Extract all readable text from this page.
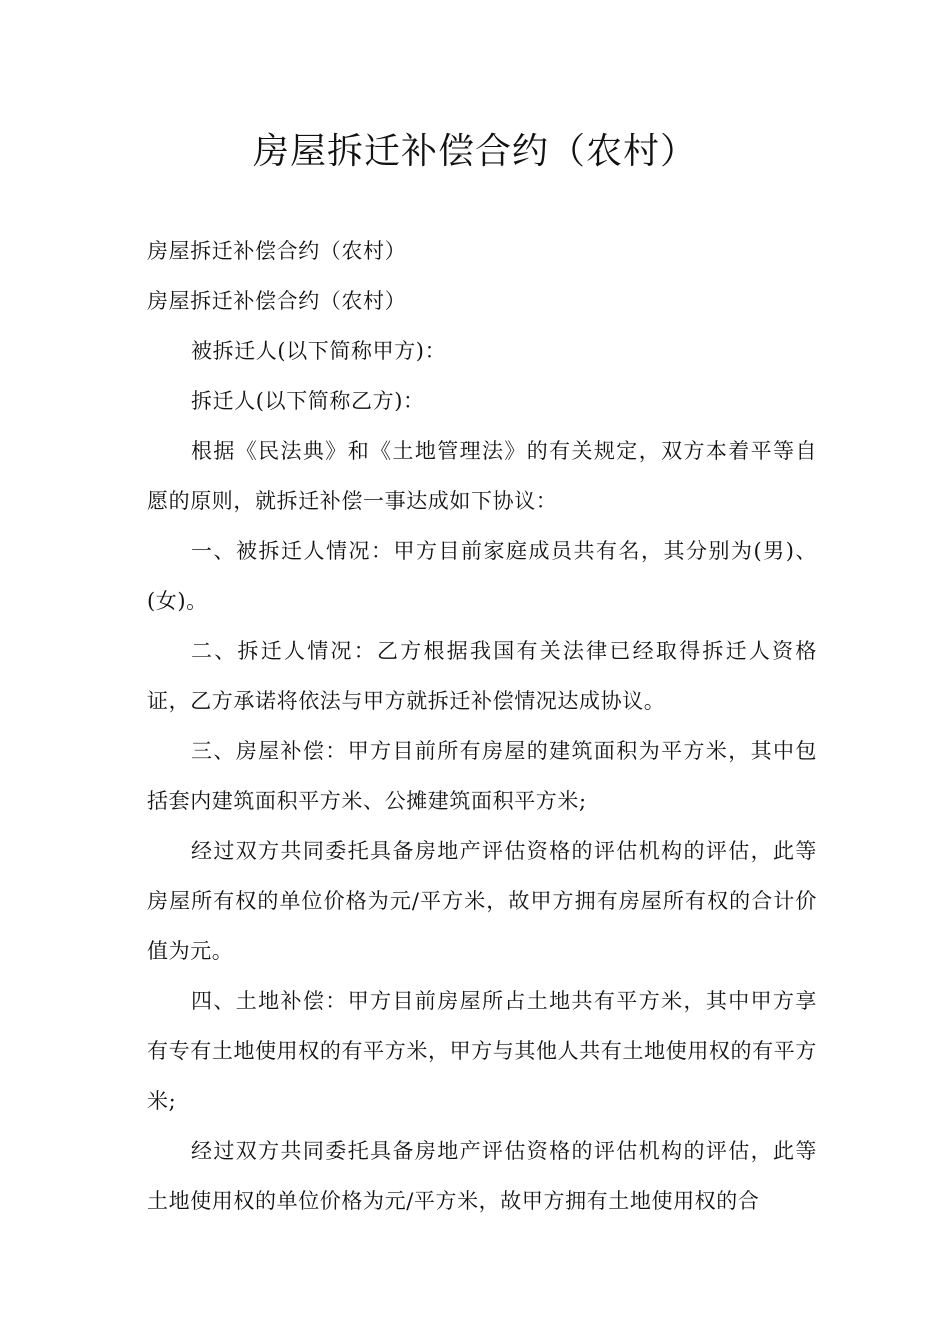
房屋拆迁补偿合约（农村）

房屋拆迁补偿合约（农村）

房屋拆迁补偿合约（农村）

被拆迁人(以下简称甲方)：

拆迁人(以下简称乙方)：

根据《民法典》和《土地管理法》的有关规定，双方本着平等自愿的原则，就拆迁补偿一事达成如下协议：

一、被拆迁人情况：甲方目前家庭成员共有名，其分别为(男)、(女)。

二、拆迁人情况：乙方根据我国有关法律已经取得拆迁人资格证，乙方承诺将依法与甲方就拆迁补偿情况达成协议。

三、房屋补偿：甲方目前所有房屋的建筑面积为平方米，其中包括套内建筑面积平方米、公摊建筑面积平方米;

经过双方共同委托具备房地产评估资格的评估机构的评估，此等房屋所有权的单位价格为元/平方米，故甲方拥有房屋所有权的合计价值为元。

四、土地补偿：甲方目前房屋所占土地共有平方米，其中甲方享有专有土地使用权的有平方米，甲方与其他人共有土地使用权的有平方米;

经过双方共同委托具备房地产评估资格的评估机构的评估，此等土地使用权的单位价格为元/平方米，故甲方拥有土地使用权的合
